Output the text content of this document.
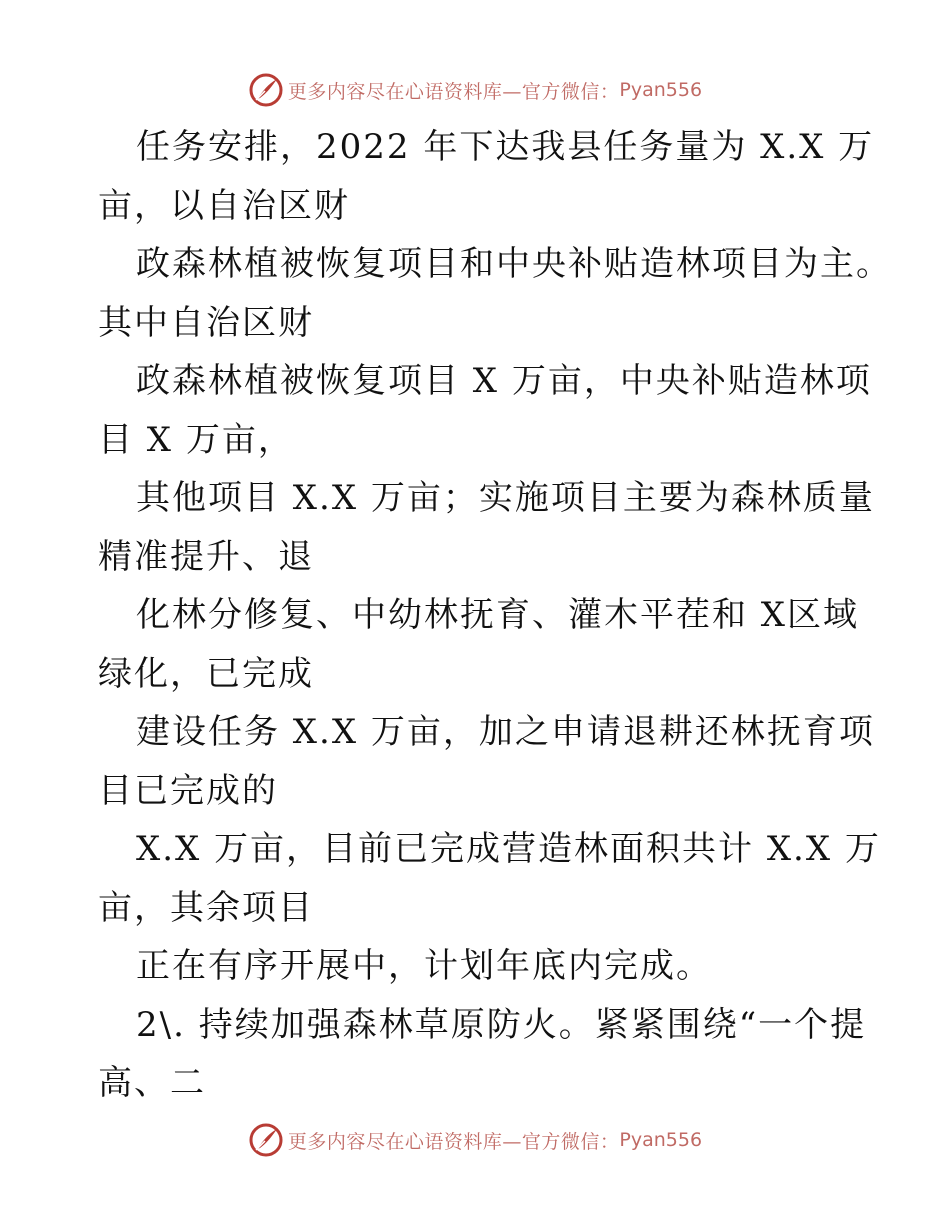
更多内容尽在心语资料库—官方微信： Pyan556
任务安排，2022 年下达我县任务量为 X.X 万
亩，以自治区财
政森林植被恢复项目和中央补贴造林项目为主。
其中自治区财
政森林植被恢复项目 X 万亩，中央补贴造林项
目 X 万亩，
其他项目 X.X 万亩；实施项目主要为森林质量
精准提升、退
化林分修复、中幼林抚育、灌木平茬和 X区域
绿化，已完成
建设任务 X.X 万亩，加之申请退耕还林抚育项
目已完成的
X.X 万亩，目前已完成营造林面积共计 X.X 万
亩，其余项目
正在有序开展中，计划年底内完成。
2\. 持续加强森林草原防火。紧紧围绕“一个提
高、二
更多内容尽在心语资料库—官方微信： Pyan556
